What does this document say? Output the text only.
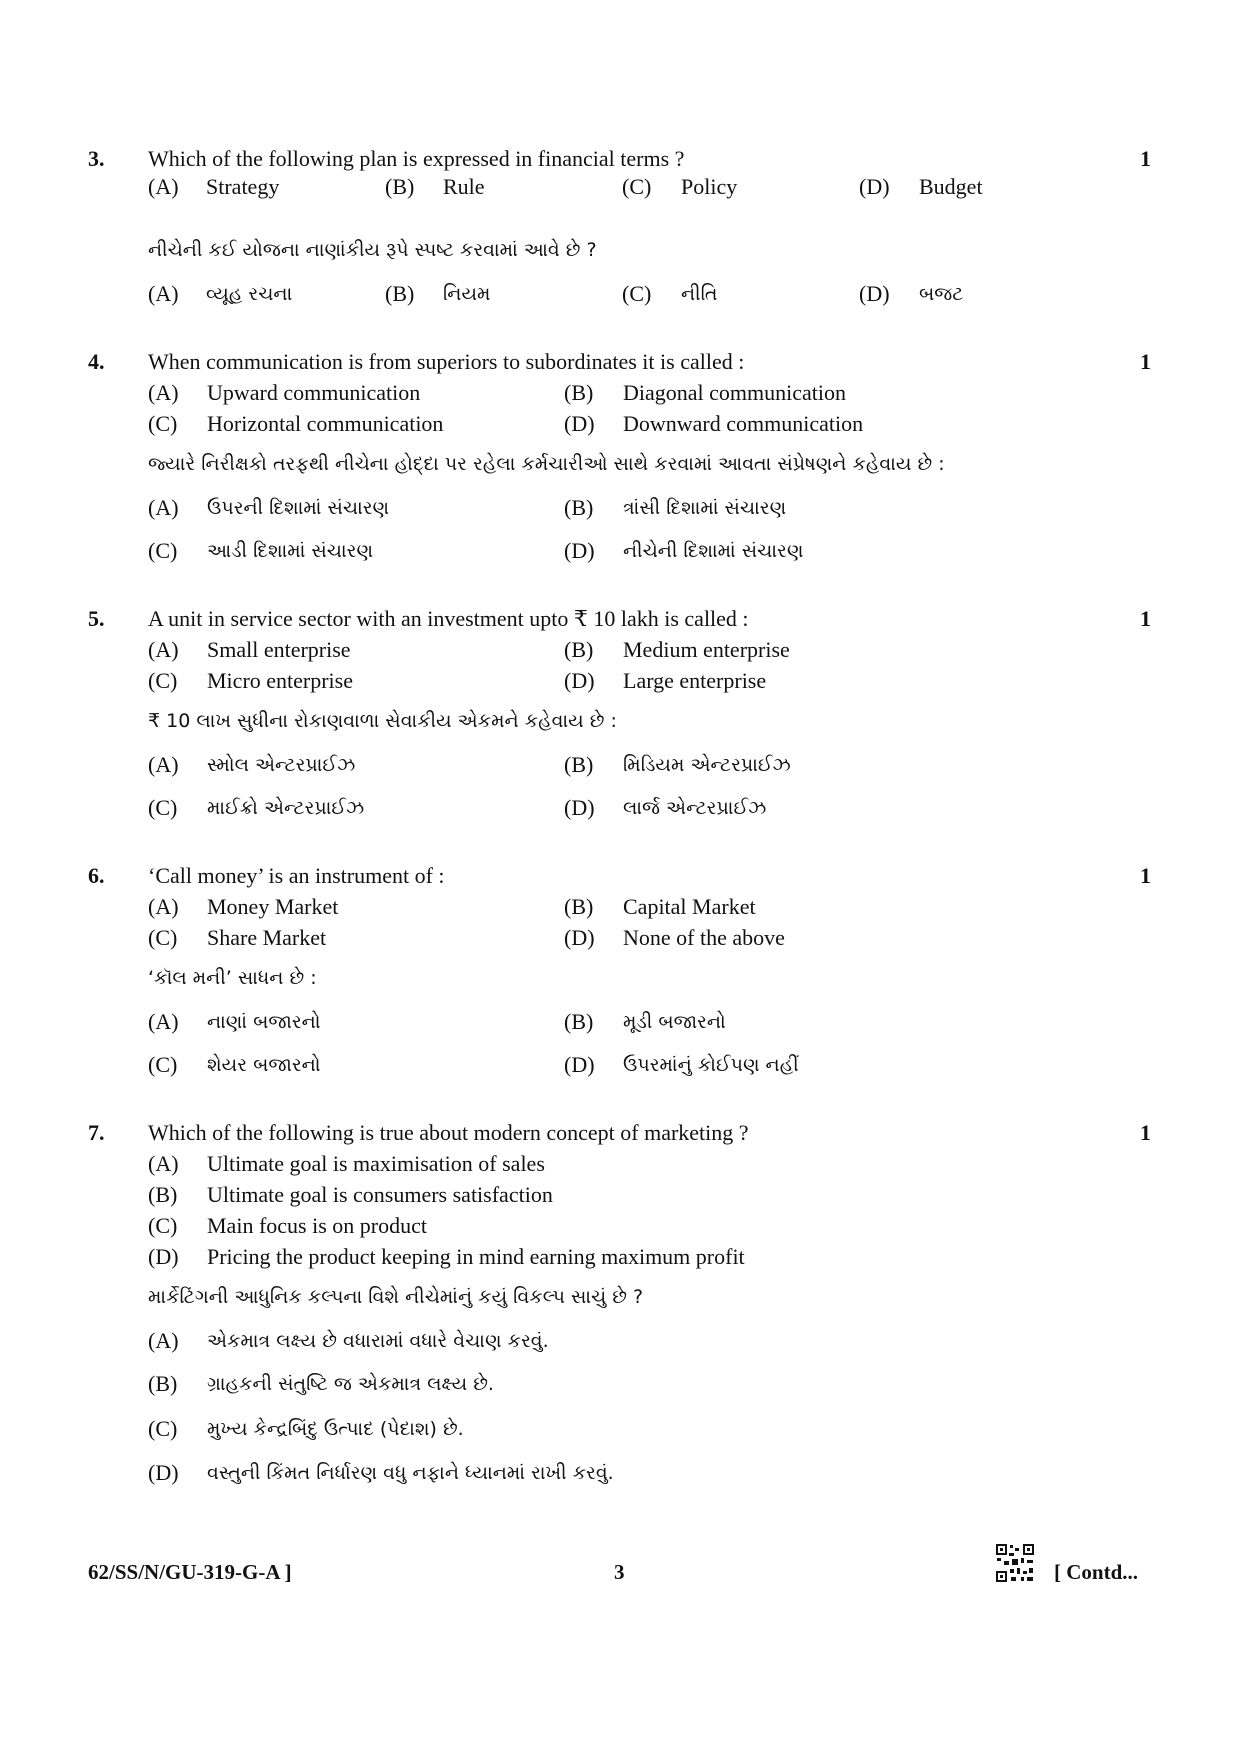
3. Which of the following plan is expressed in financial terms ?	1
(A) Strategy	(B) Rule	(C) Policy	(D) Budget
નીચેની કઈ યોજના નાણાંકીય રૂપે સ્પષ્ટ કરવામાં આવે છે ?
(A) વ્યૂહ રચના	(B) નિયમ	(C) નીતિ	(D) બજટ
4. When communication is from superiors to subordinates it is called :	1
(A) Upward communication	(B) Diagonal communication
(C) Horizontal communication	(D) Downward communication
જ્યારે નિરીક્ષકો તરફથી નીચેના હોદ્દા પર રહેલા કર્મચારીઓ સાથે કરવામાં આવતા સંપ્રેષણને કહેવાય છે :
(A) ઉપરની દિશામાં સંચારણ	(B) ત્રાંસી દિશામાં સંચારણ
(C) આડી દિશામાં સંચારણ	(D) નીચેની દિશામાં સંચારણ
5. A unit in service sector with an investment upto ₹ 10 lakh is called :	1
(A) Small enterprise	(B) Medium enterprise
(C) Micro enterprise	(D) Large enterprise
₹ 10 લાખ સુધીના રોકાણવાળા સેવાકીય એકમને કહેવાય છે :
(A) સ્મોલ એન્ટરપ્રાઈઝ	(B) મિડિયમ એન્ટરપ્રાઈઝ
(C) માઈક્રો એન્ટરપ્રાઈઝ	(D) લાર્જ એન્ટરપ્રાઈઝ
6. ‘Call money’ is an instrument of :	1
(A) Money Market	(B) Capital Market
(C) Share Market	(D) None of the above
‘કૉલ મની’ સાધન છે :
(A) નાણાં બજારનો	(B) મૂડી બજારનો
(C) શેયર બજારનો	(D) ઉપરમાંનું કોઈપણ નહીં
7. Which of the following is true about modern concept of marketing ?	1
(A) Ultimate goal is maximisation of sales
(B) Ultimate goal is consumers satisfaction
(C) Main focus is on product
(D) Pricing the product keeping in mind earning maximum profit
માર્કેટિંગની આધુનિક કલ્પના વિશે નીચેમાંનું કયું વિકલ્પ સાચું છે ?
(A) એકમાત્ર લક્ષ્ય છે વધારામાં વધારે વેચાણ કરવું.
(B) ગ્રાહકની સંતુષ્ટિ જ એકમાત્ર લક્ષ્ય છે.
(C) મુખ્ય કેન્દ્રબિંદુ ઉત્પાદ (પેદાશ) છે.
(D) વસ્તુની કિંમત નિર્ધારણ વધુ નફાને ધ્યાનમાં રાખી કરવું.
62/SS/N/GU-319-G-A ]	3	[ Contd...
